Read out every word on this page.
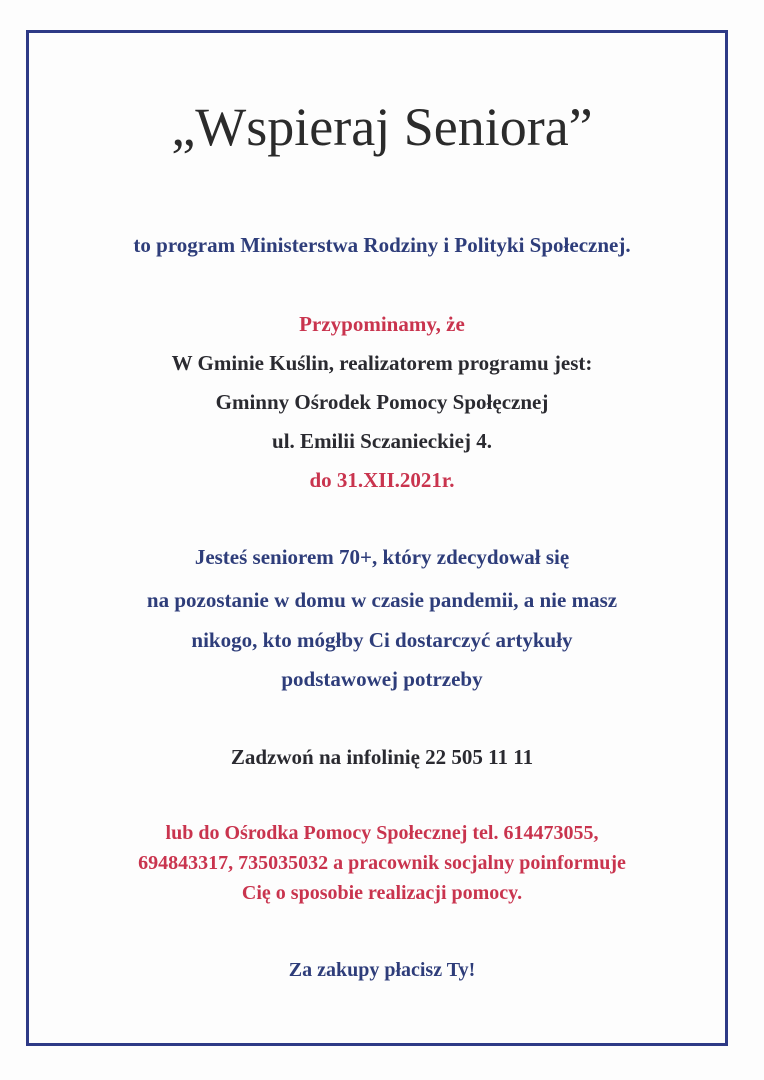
„Wspieraj Seniora”
to program Ministerstwa Rodziny i Polityki Społecznej.
Przypominamy, że
W Gminie Kuślin, realizatorem programu jest:
Gminny Ośrodek Pomocy Społęcznej
ul. Emilii Sczanieckiej 4.
do 31.XII.2021r.
Jesteś seniorem 70+, który zdecydował się
na pozostanie w domu w czasie pandemii, a nie masz
nikogo, kto mógłby Ci dostarczyć artykuły
podstawowej potrzeby
Zadzwoń na infolinię 22 505 11 11
lub do Ośrodka Pomocy Społecznej tel. 614473055,
694843317, 735035032 a pracownik socjalny poinformuje
Cię o sposobie realizacji pomocy.
Za zakupy płacisz Ty!
